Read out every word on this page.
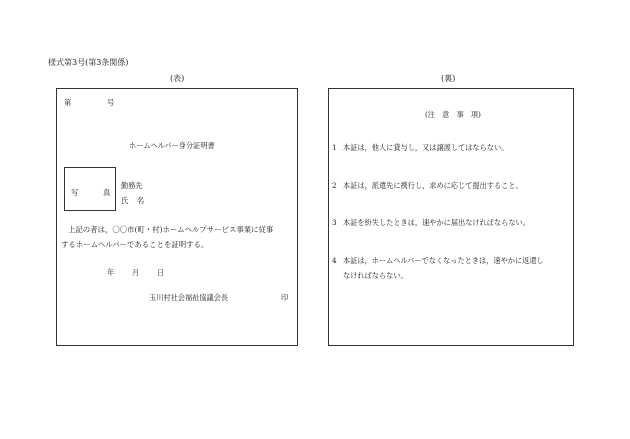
様式第3号(第3条関係)
(表)	(裏)
第	号
ホームヘルパー身分証明書
写	真
勤務先
氏 名
上記の者は，〇〇市(町・村)ホームヘルプサービス事業に従事
するホームヘルパーであることを証明する。
年 月 日
玉川村社会福祉協議会長	印
(注　意　事　項)
1 本証は，他人に貸与し，又は譲渡してはならない。
2 本証は，派遣先に携行し，求めに応じて提出すること。
3 本証を紛失したときは，速やかに届出なければならない。
4 本証は，ホームヘルパーでなくなったときは，速やかに返還し
なければならない。
